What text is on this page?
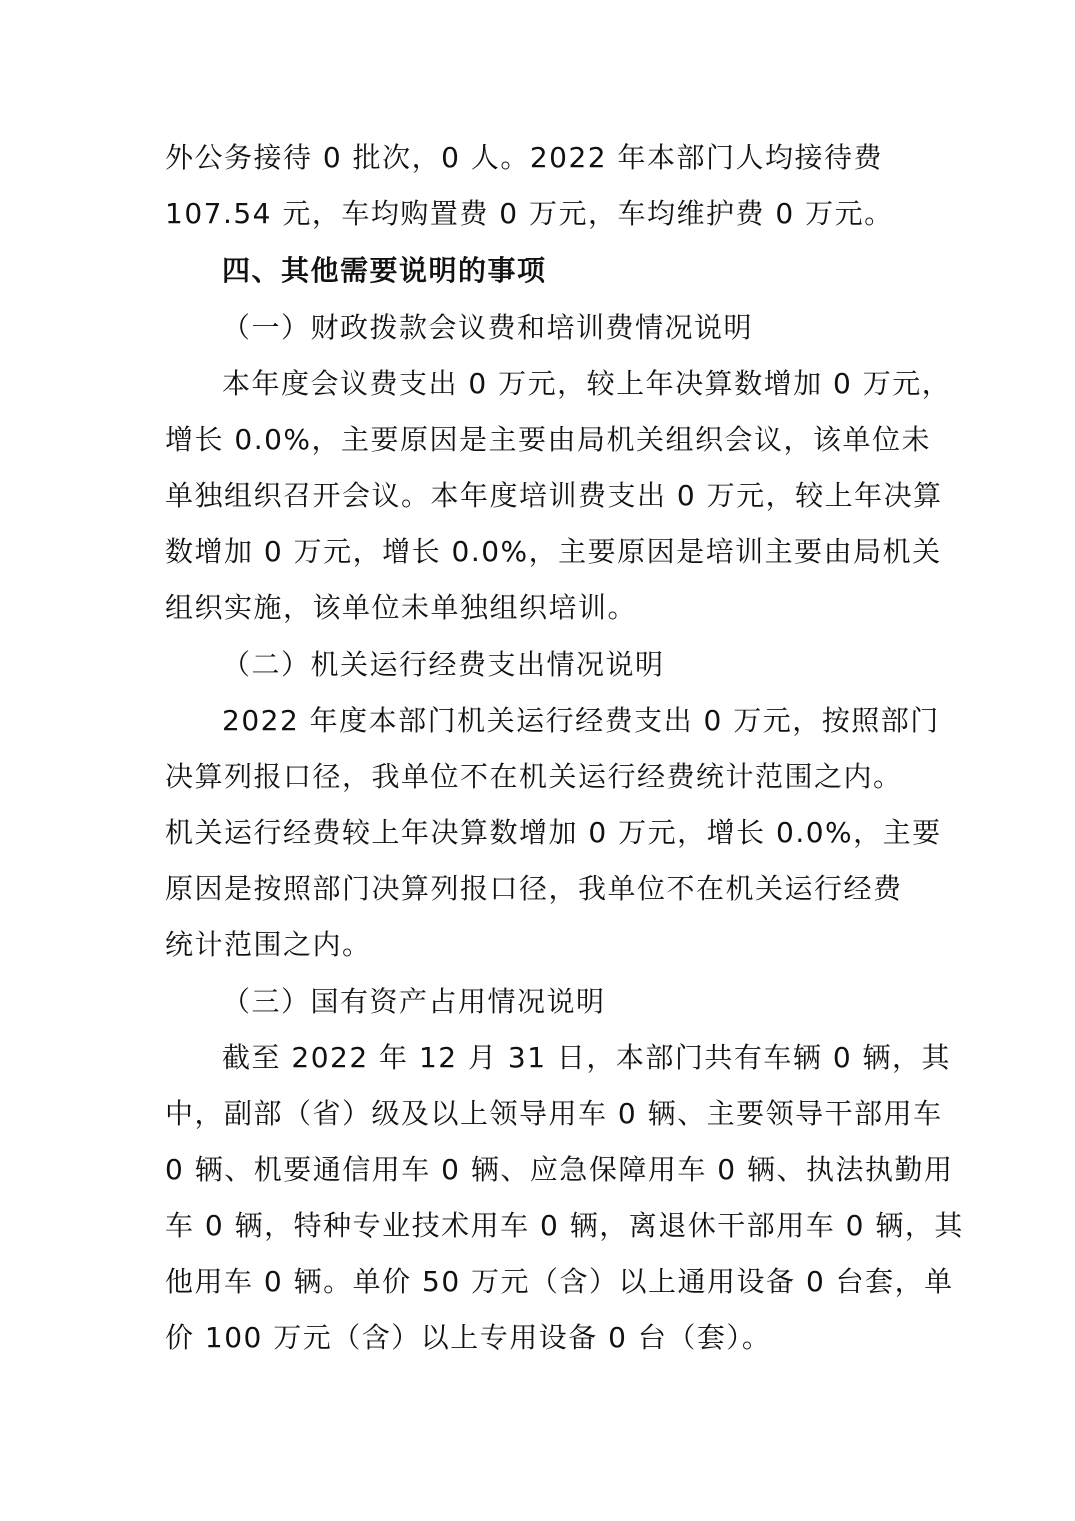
外公务接待 0 批次，0 人。2022 年本部门人均接待费
107.54 元，车均购置费 0 万元，车均维护费 0 万元。
四、其他需要说明的事项
（一）财政拨款会议费和培训费情况说明
本年度会议费支出 0 万元，较上年决算数增加 0 万元，
增长 0.0%，主要原因是主要由局机关组织会议，该单位未
单独组织召开会议。本年度培训费支出 0 万元，较上年决算
数增加 0 万元，增长 0.0%，主要原因是培训主要由局机关
组织实施，该单位未单独组织培训。
（二）机关运行经费支出情况说明
2022 年度本部门机关运行经费支出 0 万元，按照部门
决算列报口径，我单位不在机关运行经费统计范围之内。
机关运行经费较上年决算数增加 0 万元，增长 0.0%，主要
原因是按照部门决算列报口径，我单位不在机关运行经费
统计范围之内。
（三）国有资产占用情况说明
截至 2022 年 12 月 31 日，本部门共有车辆 0 辆，其
中，副部（省）级及以上领导用车 0 辆、主要领导干部用车
0 辆、机要通信用车 0 辆、应急保障用车 0 辆、执法执勤用
车 0 辆，特种专业技术用车 0 辆，离退休干部用车 0 辆，其
他用车 0 辆。单价 50 万元（含）以上通用设备 0 台套，单
价 100 万元（含）以上专用设备 0 台（套）。
